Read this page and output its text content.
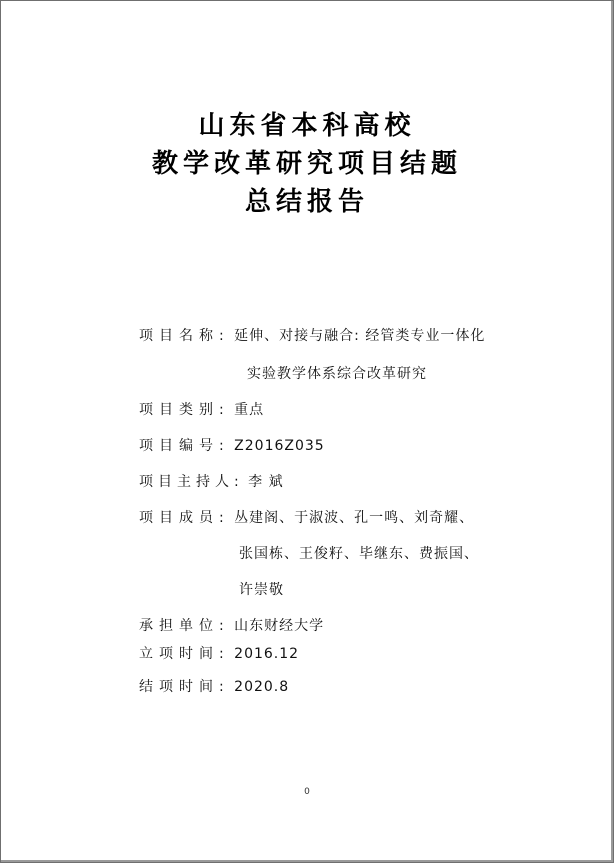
山东省本科高校
教学改革研究项目结题
总结报告
项目名称: 延伸、对接与融合: 经管类专业一体化
实验教学体系综合改革研究
项目类别: 重点
项目编号: Z2016Z035
项目主持人: 李 斌
项目成员: 丛建阁、于淑波、孔一鸣、刘奇耀、
张国栋、王俊籽、毕继东、费振国、
许崇敬
承担单位: 山东财经大学
立项时间: 2016.12
结项时间: 2020.8
0
